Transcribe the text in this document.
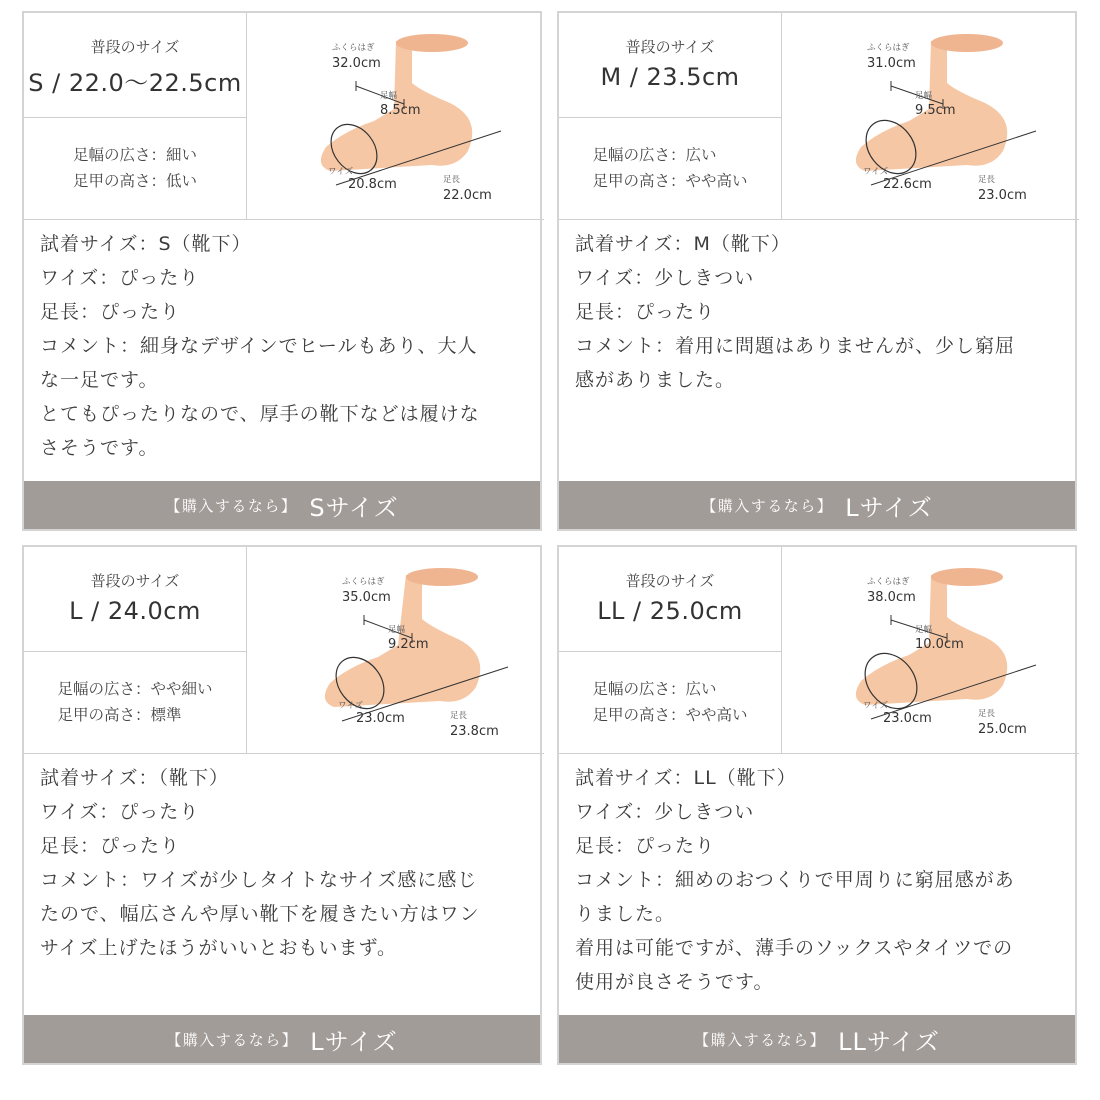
普段のサイズ
S / 22.0〜22.5cm
足幅の広さ：細い
足甲の高さ：低い
ふくらはぎ
32.0cm
足幅
8.5cm
ワイズ
20.8cm	足長
22.0cm
試着サイズ：S（靴下）
ワイズ：ぴったり
足長：ぴったり
コメント：細身なデザインでヒールもあり、大人
な一足です。
とてもぴったりなので、厚手の靴下などは履けな
さそうです。
【購入するなら】 Sサイズ
普段のサイズ
M / 23.5cm
足幅の広さ：広い
足甲の高さ：やや高い
ふくらはぎ
31.0cm
足幅
9.5cm
ワイズ
22.6cm	足長
23.0cm
試着サイズ：M（靴下）
ワイズ：少しきつい
足長：ぴったり
コメント：着用に問題はありませんが、少し窮屈
感がありました。
【購入するなら】 Lサイズ
普段のサイズ
L / 24.0cm
足幅の広さ：やや細い
足甲の高さ：標準
ふくらはぎ
35.0cm
足幅
9.2cm
ワイズ
23.0cm	足長
23.8cm
試着サイズ：（靴下）
ワイズ：ぴったり
足長：ぴったり
コメント：ワイズが少しタイトなサイズ感に感じ
たので、幅広さんや厚い靴下を履きたい方はワン
サイズ上げたほうがいいとおもいまず。
【購入するなら】 Lサイズ
普段のサイズ
LL / 25.0cm
足幅の広さ：広い
足甲の高さ：やや高い
ふくらはぎ
38.0cm
足幅
10.0cm
ワイズ
23.0cm	足長
25.0cm
試着サイズ：LL（靴下）
ワイズ：少しきつい
足長：ぴったり
コメント：細めのおつくりで甲周りに窮屈感があ
りました。
着用は可能ですが、薄手のソックスやタイツでの
使用が良さそうです。
【購入するなら】 LLサイズ
